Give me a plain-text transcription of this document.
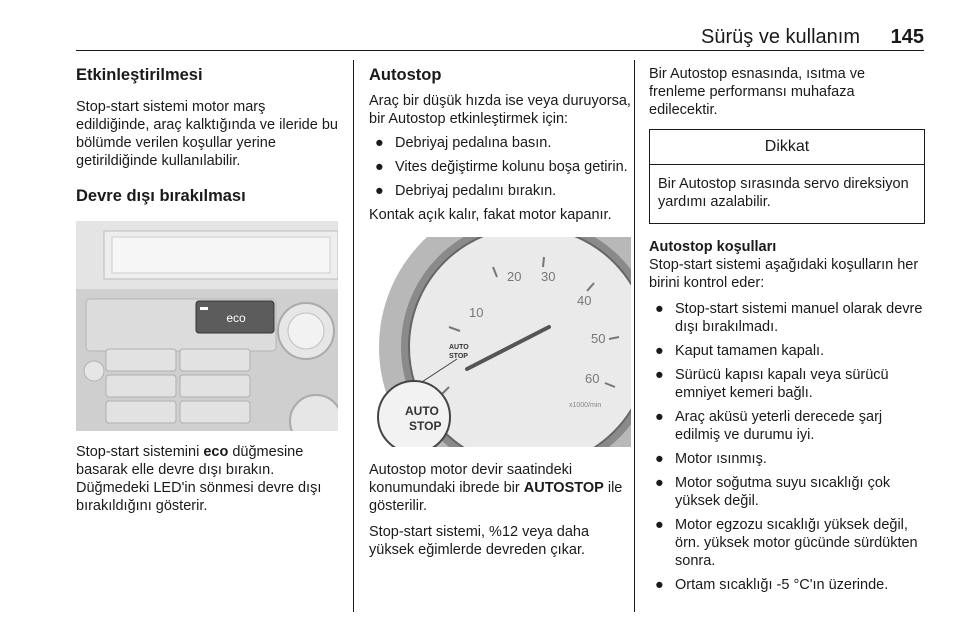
Sürüş ve kullanım 145
Etkinleştirilmesi

Stop-start sistemi motor marş edildiğinde, araç kalktığında ve ileride bu bölümde verilen koşullar yerine getirildiğinde kullanılabilir.

Devre dışı bırakılması
eco

Stop-start sistemini eco düğmesine basarak elle devre dışı bırakın. Düğmedeki LED'in sönmesi devre dışı bırakıldığını gösterir.

Autostop

Araç bir düşük hızda ise veya duruyorsa, bir Autostop etkinleştirmek için:

● Debriyaj pedalına basın.
● Vites değiştirme kolunu boşa getirin.
● Debriyaj pedalını bırakın.

Kontak açık kalır, fakat motor kapanır.

10
20 30
40
50
60
x1000/min
AUTO
STOP
AUTO
STOP

Autostop motor devir saatindeki konumundaki ibrede bir AUTOSTOP ile gösterilir.

Stop-start sistemi, %12 veya daha yüksek eğimlerde devreden çıkar.

Bir Autostop esnasında, ısıtma ve frenleme performansı muhafaza edilecektir.

Dikkat

Bir Autostop sırasında servo direksiyon yardımı azalabilir.

Autostop koşulları

Stop-start sistemi aşağıdaki koşulların her birini kontrol eder:

● Stop-start sistemi manuel olarak devre dışı bırakılmadı.
● Kaput tamamen kapalı.
● Sürücü kapısı kapalı veya sürücü emniyet kemeri bağlı.
● Araç aküsü yeterli derecede şarj edilmiş ve durumu iyi.
● Motor ısınmış.
● Motor soğutma suyu sıcaklığı çok yüksek değil.
● Motor egzozu sıcaklığı yüksek değil, örn. yüksek motor gücünde sürdükten sonra.
● Ortam sıcaklığı -5 °C'ın üzerinde.
